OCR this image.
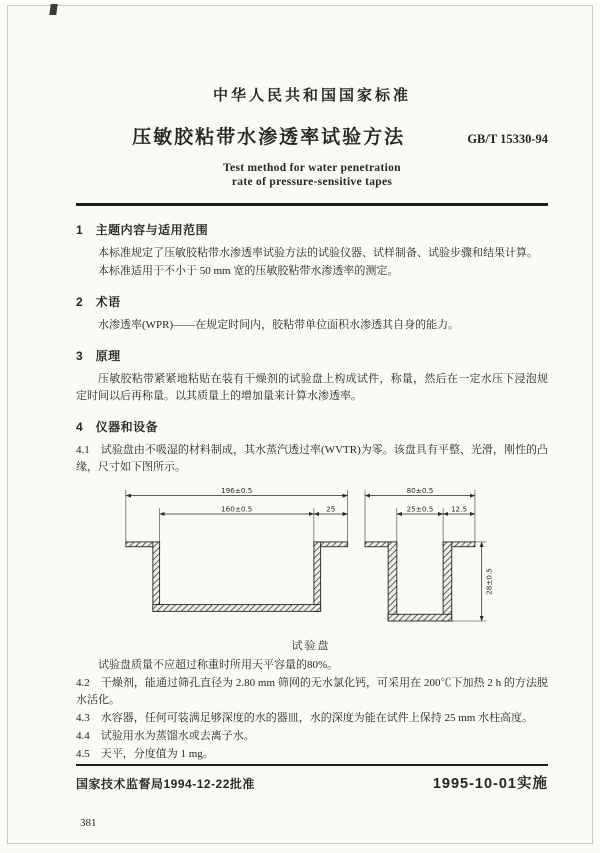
中华人民共和国国家标准
压敏胶粘带水渗透率试验方法	GB/T 15330-94
Test method for water penetration
rate of pressure-sensitive tapes
1　主题内容与适用范围

本标准规定了压敏胶粘带水渗透率试验方法的试验仪器、试样制备、试验步骤和结果计算。

本标准适用于不小于 50 mm 宽的压敏胶粘带水渗透率的测定。

2　术语

水渗透率(WPR)——在规定时间内，胶粘带单位面积水渗透其自身的能力。

3　原理

压敏胶粘带紧紧地粘贴在装有干燥剂的试验盘上构成试件，称量，然后在一定水压下浸泡规定时间以后再称量。以其质量上的增加量来计算水渗透率。

4　仪器和设备

4.1　试验盘由不吸湿的材料制成，其水蒸汽透过率(WVTR)为零。该盘具有平整、光滑，刚性的凸缘，尺寸如下图所示。

196±0.5
160±0.5	25
80±0.5
25±0.5 12.5
28±0.5
试验盘

试验盘质量不应超过称重时所用天平容量的80%。

4.2　干燥剂，能通过筛孔直径为 2.80 mm 筛网的无水氯化钙，可采用在 200℃下加热 2 h 的方法脱水活化。

4.3　水容器，任何可装满足够深度的水的器皿，水的深度为能在试件上保持 25 mm 水柱高度。

4.4　试验用水为蒸馏水或去离子水。

4.5　天平，分度值为 1 mg。

国家技术监督局1994-12-22批准	1995-10-01实施
381
